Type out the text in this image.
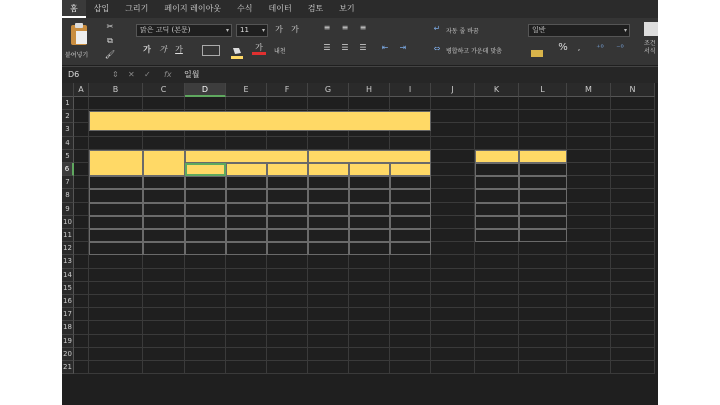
홈	삽입	그리기	페이지 레이아웃	수식	데이터	검토	보기
붙여넣기
✂
⧉
🖌
맑은 고딕 (본문)	▾	11 ▾	가	가
가	가	가	가	내천
≡	≡	≡
☰	☰	☰	⇤	⇥
↵ 자동 줄 바꿈
⇔ 병합하고 가운데 맞춤
일반	▾
%	,	⁺⁰	⁻⁰	조건
서식
D6	⇕ ✕ ✓ fx 일월
A	B	C	D	E	F	G	H	I	J	K	L	M	N
1
2
3
4
5
6
7
8
9
10
11
12
13
14
15
16
17
18
19
20
21
